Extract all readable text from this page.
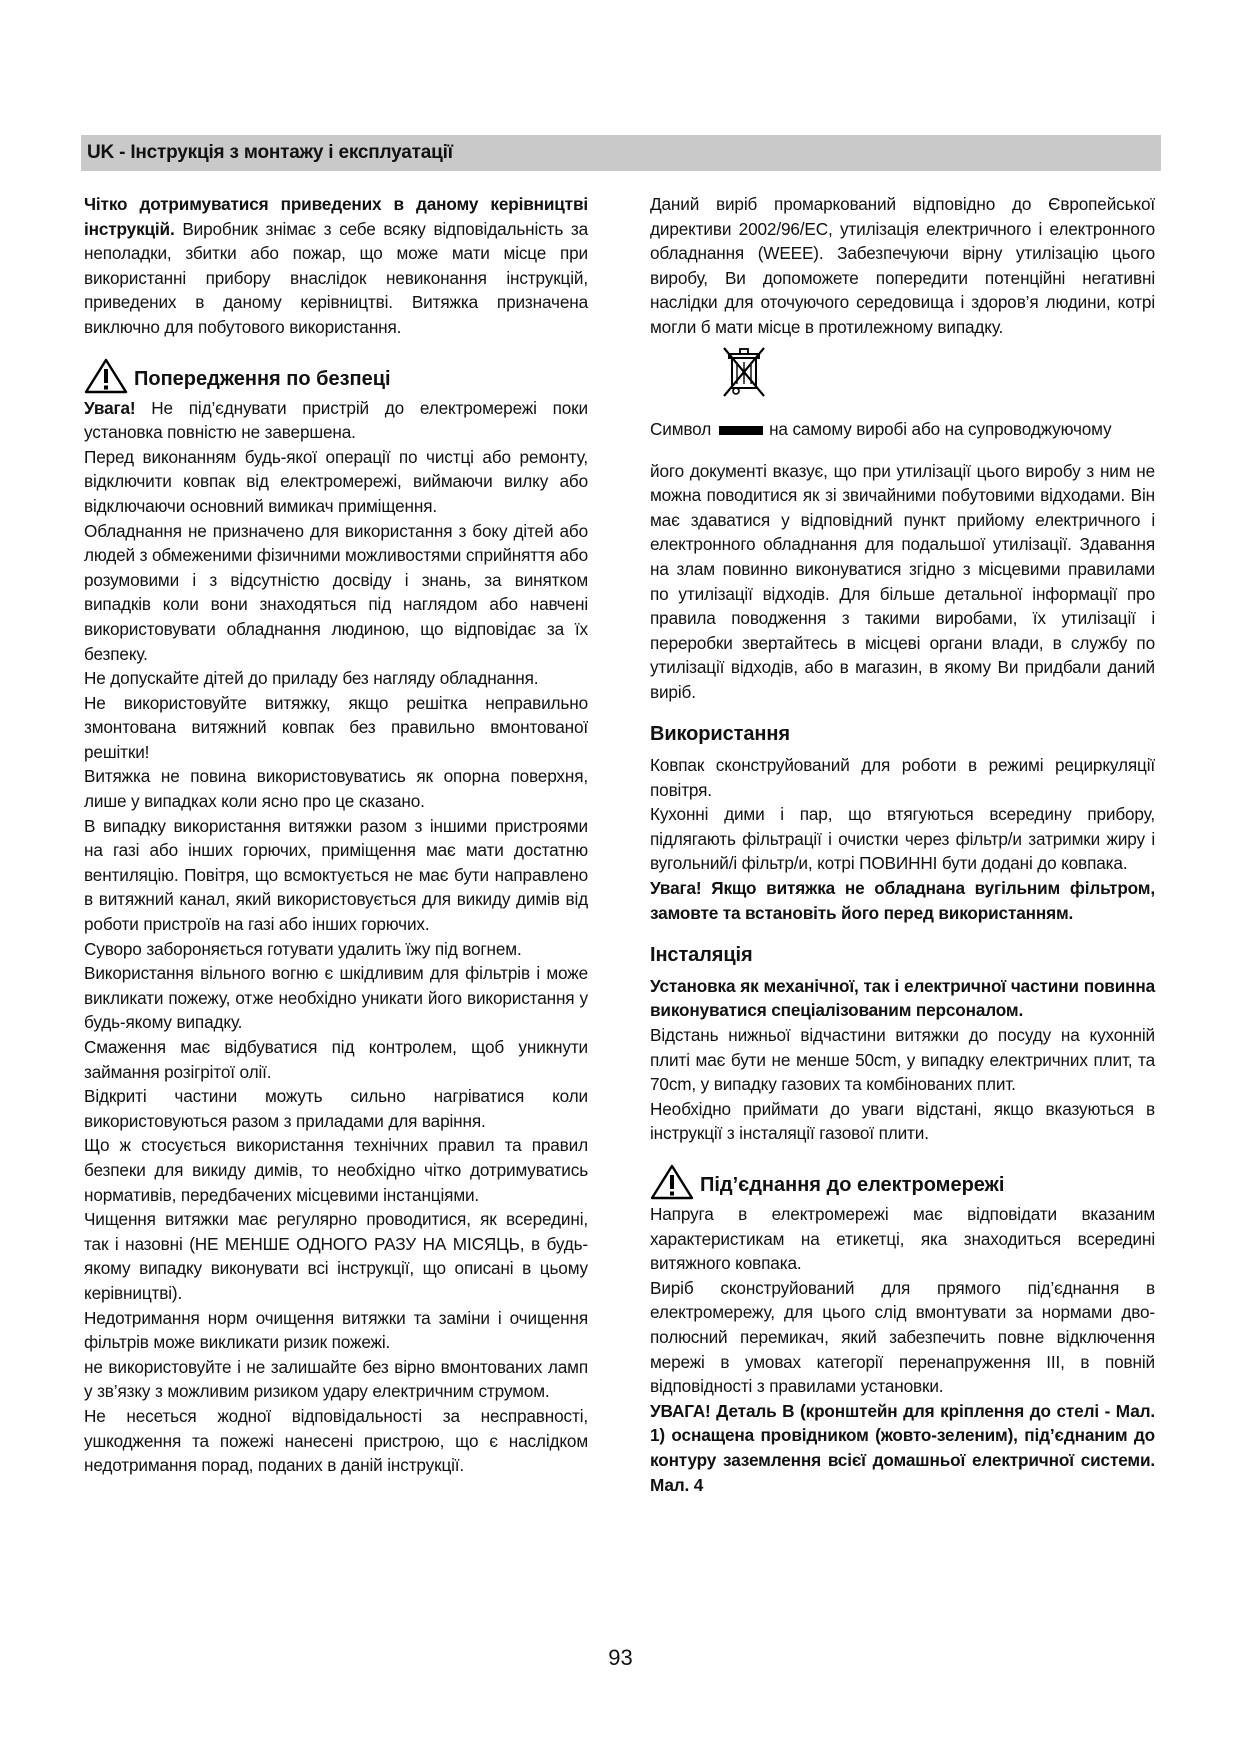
UK - Інструкція з монтажу і експлуатації

Чітко дотримуватися приведених в даному керівництві інструкцій. Виробник знімає з себе всяку відповідальність за неполадки, збитки або пожар, що може мати місце при використанні прибору внаслідок невиконання інструкцій, приведених в даному керівництві. Витяжка призначена виключно для побутового використання.

Попередження по безпеці

Увага! Не під’єднувати пристрій до електромережі поки установка повністю не завершена.

Перед виконанням будь-якої операції по чистці або ремонту, відключити ковпак від електромережі, виймаючи вилку або відключаючи основний вимикач приміщення.

Обладнання не призначено для використання з боку дітей або людей з обмеженими фізичними можливостями сприйняття або розумовими і з відсутністю досвіду і знань, за винятком випадків коли вони знаходяться під наглядом або навчені використовувати обладнання людиною, що відповідає за їх безпеку.

Не допускайте дітей до приладу без нагляду обладнання.

Не використовуйте витяжку, якщо решітка неправильно змонтована витяжний ковпак без правильно вмонтованої решітки!

Витяжка не повина використовуватись як опорна поверхня, лише у випадках коли ясно про це сказано.

В випадку використання витяжки разом з іншими пристроями на газі або інших горючих, приміщення має мати достатню вентиляцію. Повітря, що всмоктується не має бути направлено в витяжний канал, який використовується для викиду димів від роботи пристроїв на газі або інших горючих.

Суворо забороняється готувати удалить їжу під вогнем.

Використання вільного вогню є шкідливим для фільтрів і може викликати пожежу, отже необхідно уникати його використання у будь-якому випадку.

Смаження має відбуватися під контролем, щоб уникнути займання розігрітої олії.

Відкриті частини можуть сильно нагріватися коли використовуються разом з приладами для варіння.

Що ж стосується використання технічних правил та правил безпеки для викиду димів, то необхідно чітко дотримуватись нормативів, передбачених місцевими інстанціями.

Чищення витяжки має регулярно проводитися, як всередині, так і назовні (НЕ МЕНШЕ ОДНОГО РАЗУ НА МІСЯЦЬ, в будь-якому випадку виконувати всі інструкції, що описані в цьому керівництві).

Недотримання норм очищення витяжки та заміни і очищення фільтрів може викликати ризик пожежі.

не використовуйте і не залишайте без вірно вмонтованих ламп у зв’язку з можливим ризиком удару електричним струмом.

Не несеться жодної відповідальності за несправності, ушкодження та пожежі нанесені пристрою, що є наслідком недотримання порад, поданих в даній інструкції.

Даний виріб промаркований відповідно до Європейської директиви 2002/96/EC, утилізація електричного і електронного обладнання (WEEE). Забезпечуючи вірну утилізацію цього виробу, Ви допоможете попередити потенційні негативні наслідки для оточуючого середовища і здоров’я людини, котрі могли б мати місце в протилежному випадку.

Символ	на самому виробі або на супроводжуючому

його документі вказує, що при утилізації цього виробу з ним не можна поводитися як зі звичайними побутовими відходами. Він має здаватися у відповідний пункт прийому електричного і електронного обладнання для подальшої утилізації. Здавання на злам повинно виконуватися згідно з місцевими правилами по утилізації відходів. Для більше детальної інформації про правила поводження з такими виробами, їх утилізації і переробки звертайтесь в місцеві органи влади, в службу по утилізації відходів, або в магазин, в якому Ви придбали даний виріб.

Використання

Ковпак сконструйований для роботи в режимі рециркуляції повітря.

Кухонні дими і пар, що втягуються всередину прибору, підлягають фільтрації і очистки через фільтр/и затримки жиру і вугольний/і фільтр/и, котрі ПОВИННІ бути додані до ковпака.

Увага! Якщо витяжка не обладнана вугільним фільтром, замовте та встановіть його перед використанням.

Інсталяція

Установка як механічної, так і електричної частини повинна виконуватися спеціалізованим персоналом.

Відстань нижньої відчастини витяжки до посуду на кухонній плиті має бути не менше 50cm, у випадку електричних плит, та 70cm, у випадку газових та комбінованих плит.

Необхідно приймати до уваги відстані, якщо вказуються в інструкції з інсталяції газової плити.

Під’єднання до електромережі

Напруга в електромережі має відповідати вказаним характеристикам на етикетці, яка знаходиться всередині витяжного ковпака.

Виріб сконструйований для прямого під’єднання в електромережу, для цього слід вмонтувати за нормами дво-полюсний перемикач, який забезпечить повне відключення мережі в умовах категорії перенапруження III, в повній відповідності з правилами установки.

УВАГА! Деталь B (кронштейн для кріплення до стелі - Мал. 1) оснащена провідником (жовто-зеленим), під’єднаним до контуру заземлення всієї домашньої електричної системи. Мал. 4

93
